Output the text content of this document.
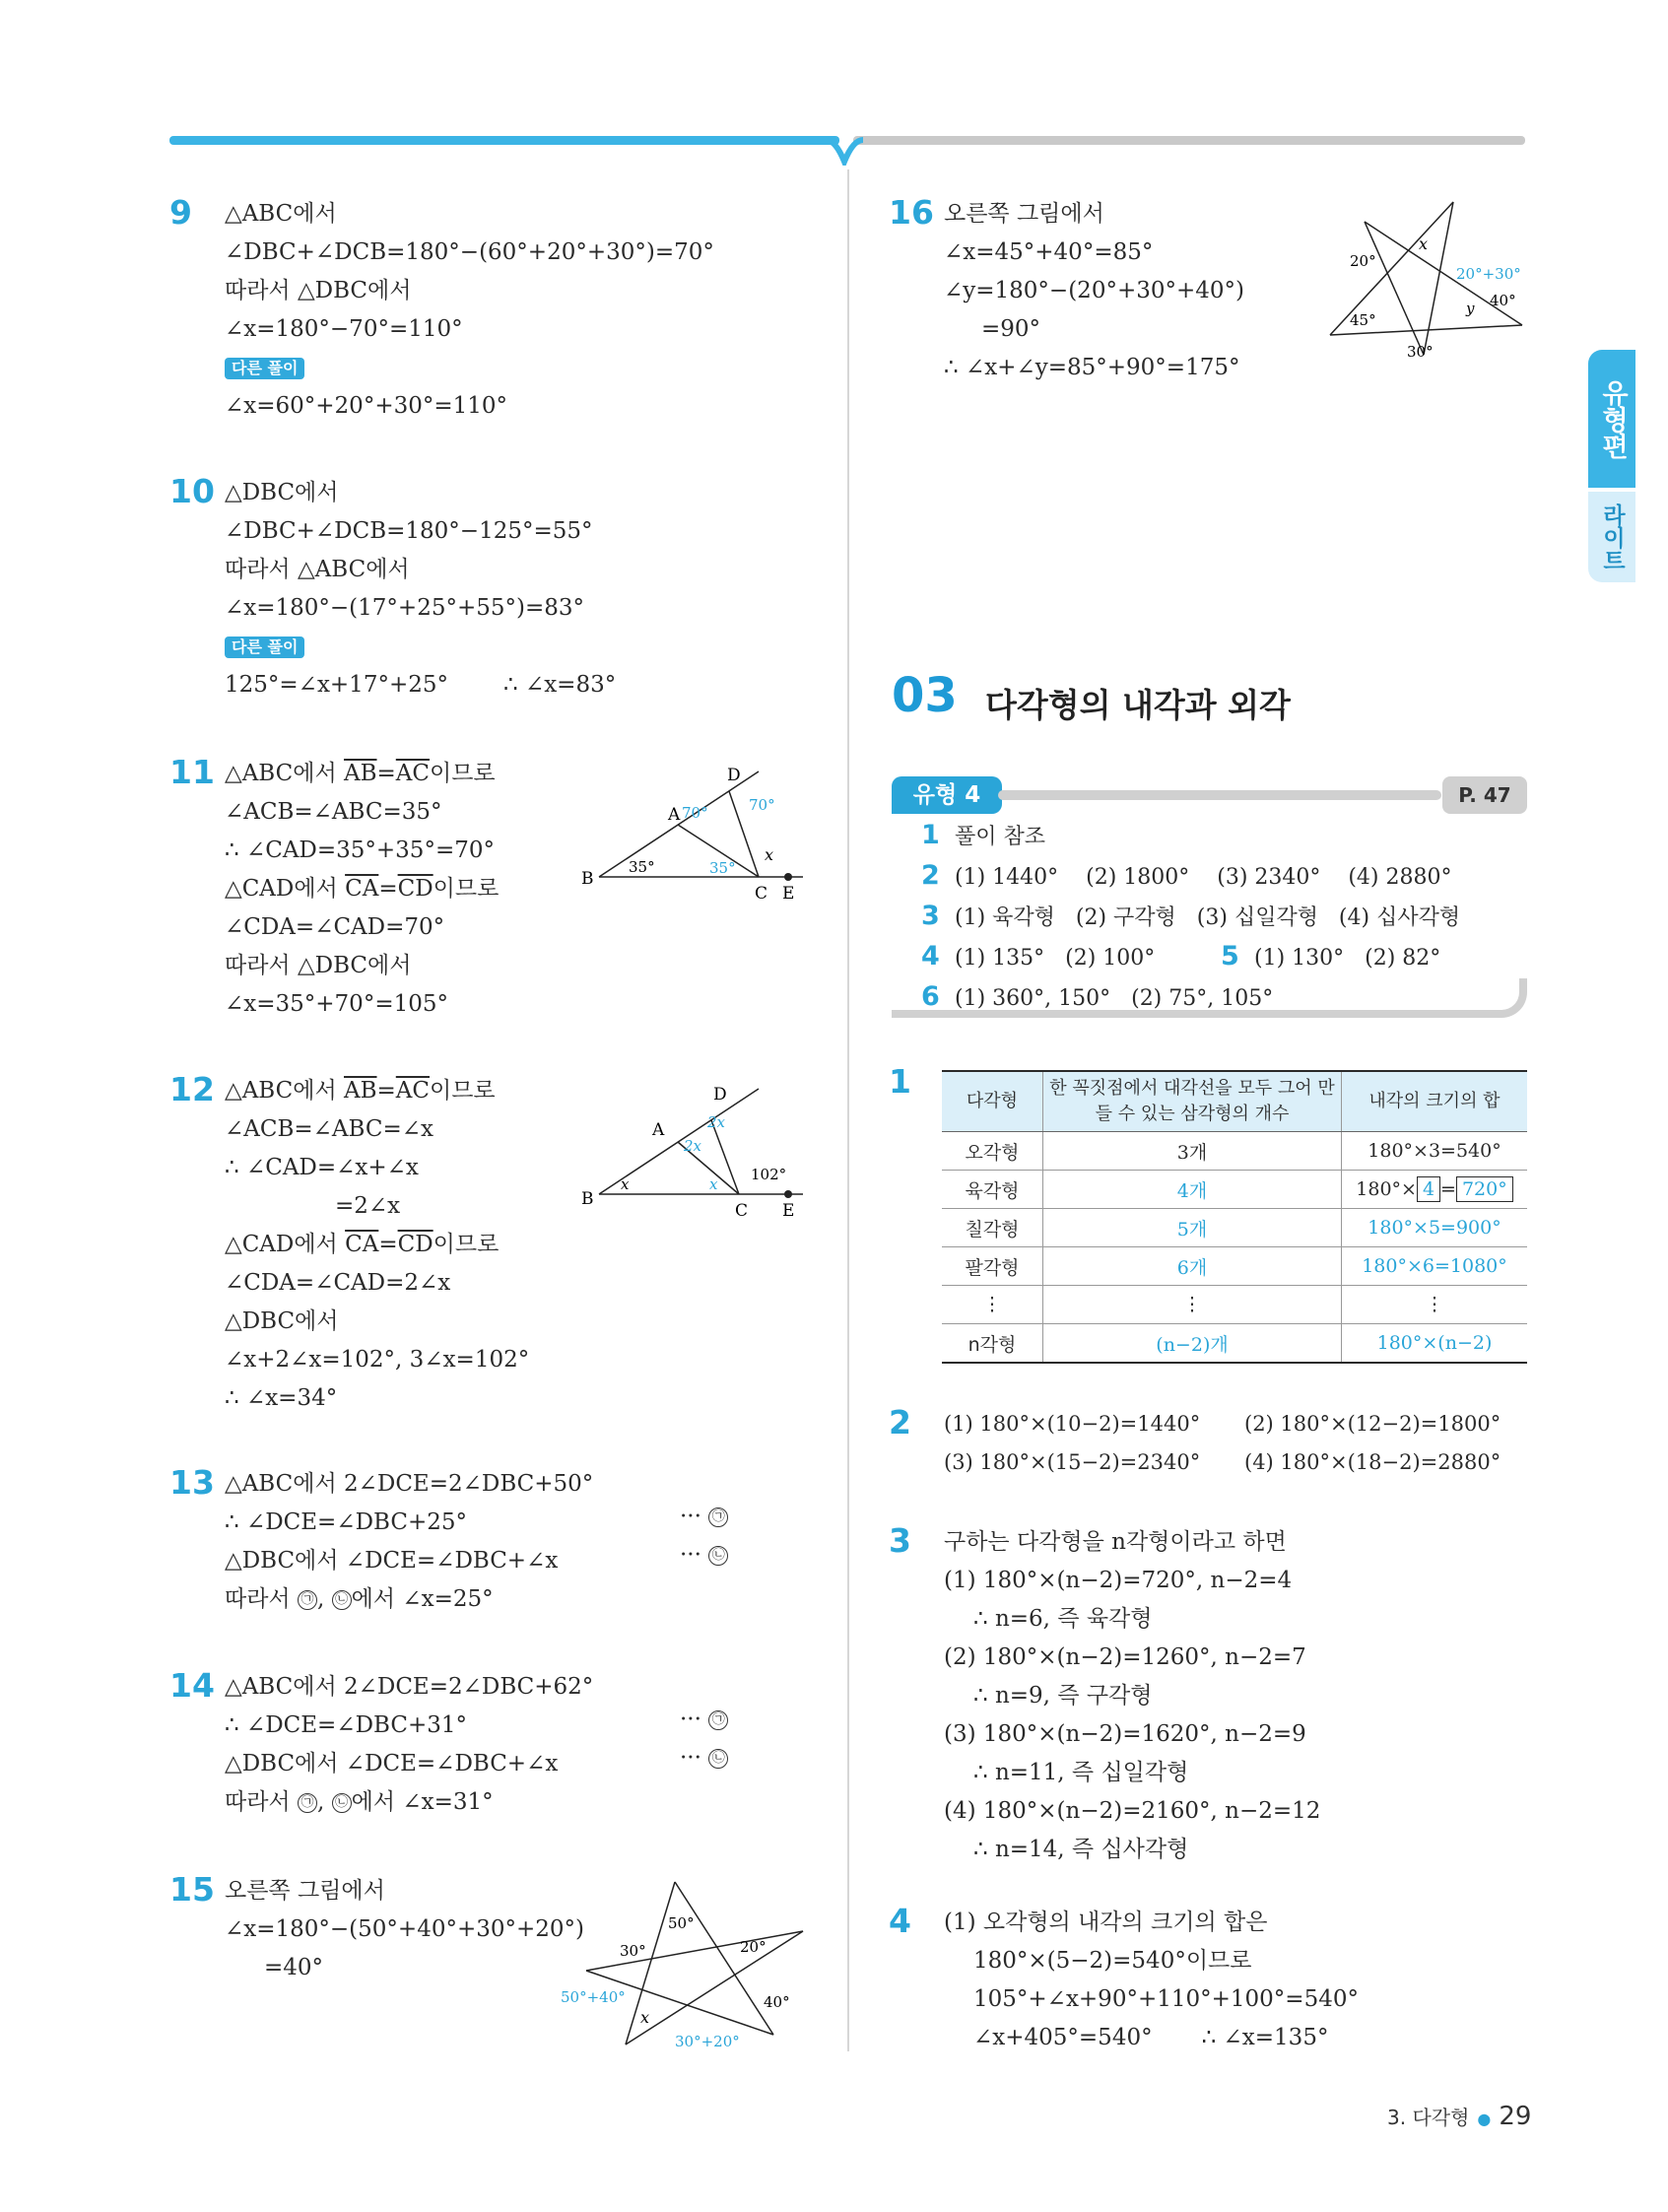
유형편
라이트
9 △ABC에서
∠DBC+∠DCB=180°−(60°+20°+30°)=70°
따라서 △DBC에서
∠x=180°−70°=110°
다른 풀이
∠x=60°+20°+30°=110°
10 △DBC에서
∠DBC+∠DCB=180°−125°=55°
따라서 △ABC에서
∠x=180°−(17°+25°+55°)=83°
다른 풀이
125°=∠x+17°+25° ∴ ∠x=83°
11 △ABC에서 $\overline{AB}=\overline{AC}$이므로
∠ACB=∠ABC=35°
∴ ∠CAD=35°+35°=70°
△CAD에서 $\overline{CA}=\overline{CD}$이므로
∠CDA=∠CAD=70°
따라서 △DBC에서
∠x=35°+70°=105°
D
A
B
C E
70°	70°
35°	35°
x
12 △ABC에서 $\overline{AB}=\overline{AC}$이므로
∠ACB=∠ABC=∠x
∴ ∠CAD=∠x+∠x
=2∠x
△CAD에서 $\overline{CA}=\overline{CD}$이므로
∠CDA=∠CAD=2∠x
△DBC에서
∠x+2∠x=102°, 3∠x=102°
∴ ∠x=34°
D
A
B
C E
2x
2x
x	x
102°
13 △ABC에서 2∠DCE=2∠DBC+50°
∴ ∠DCE=∠DBC+25°
△DBC에서 ∠DCE=∠DBC+∠x
따라서 ㉠ , ㉡ 에서 ∠x=25°
··· ㉠
··· ㉡
14 △ABC에서 2∠DCE=2∠DBC+62°
∴ ∠DCE=∠DBC+31°
△DBC에서 ∠DCE=∠DBC+∠x
따라서 ㉠ , ㉡ 에서 ∠x=31°
··· ㉠
··· ㉡
15 오른쪽 그림에서
∠x=180°−(50°+40°+30°+20°)
=40°
50°
30°	20°
40°
50°+40°
30°+20°
x
16 오른쪽 그림에서
∠x=45°+40°=85°
∠y=180°−(20°+30°+40°)
=90°
∴ ∠x+∠y=85°+90°=175°
20°
45°
30°
40°
20°+30°
x
y
03 다각형의 내각과 외각
유형 4	P. 47
1 풀이 참조
2 (1) 1440°    (2) 1800°    (3) 2340°    (4) 2880°
3 (1) 육각형   (2) 구각형   (3) 십일각형   (4) 십사각형
4 (1) 135°   (2) 100° 5 (1) 130°   (2) 82°
6 (1) 360°, 150°   (2) 75°, 105°
1
다각형	한 꼭짓점에서 대각선을 모두 그어 만들 수 있는 삼각형의 개수	내각의 크기의 합
오각형	3개	180°×3=540°
육각형	4개	180°× 4 = 720°
칠각형	5개	180°×5=900°
팔각형	6개	180°×6=1080°
⋮	⋮	⋮
n각형	(n−2)개	180°×(n−2)
2 (1) 180°×(10−2)=1440° (2) 180°×(12−2)=1800°
(3) 180°×(15−2)=2340° (4) 180°×(18−2)=2880°
3 구하는 다각형을 n각형이라고 하면
(1) 180°×(n−2)=720°, n−2=4
∴ n=6, 즉 육각형
(2) 180°×(n−2)=1260°, n−2=7
∴ n=9, 즉 구각형
(3) 180°×(n−2)=1620°, n−2=9
∴ n=11, 즉 십일각형
(4) 180°×(n−2)=2160°, n−2=12
∴ n=14, 즉 십사각형
4 (1) 오각형의 내각의 크기의 합은
180°×(5−2)=540°이므로
105°+∠x+90°+110°+100°=540°
∠x+405°=540° ∴ ∠x=135°
3. 다각형 ● 29
